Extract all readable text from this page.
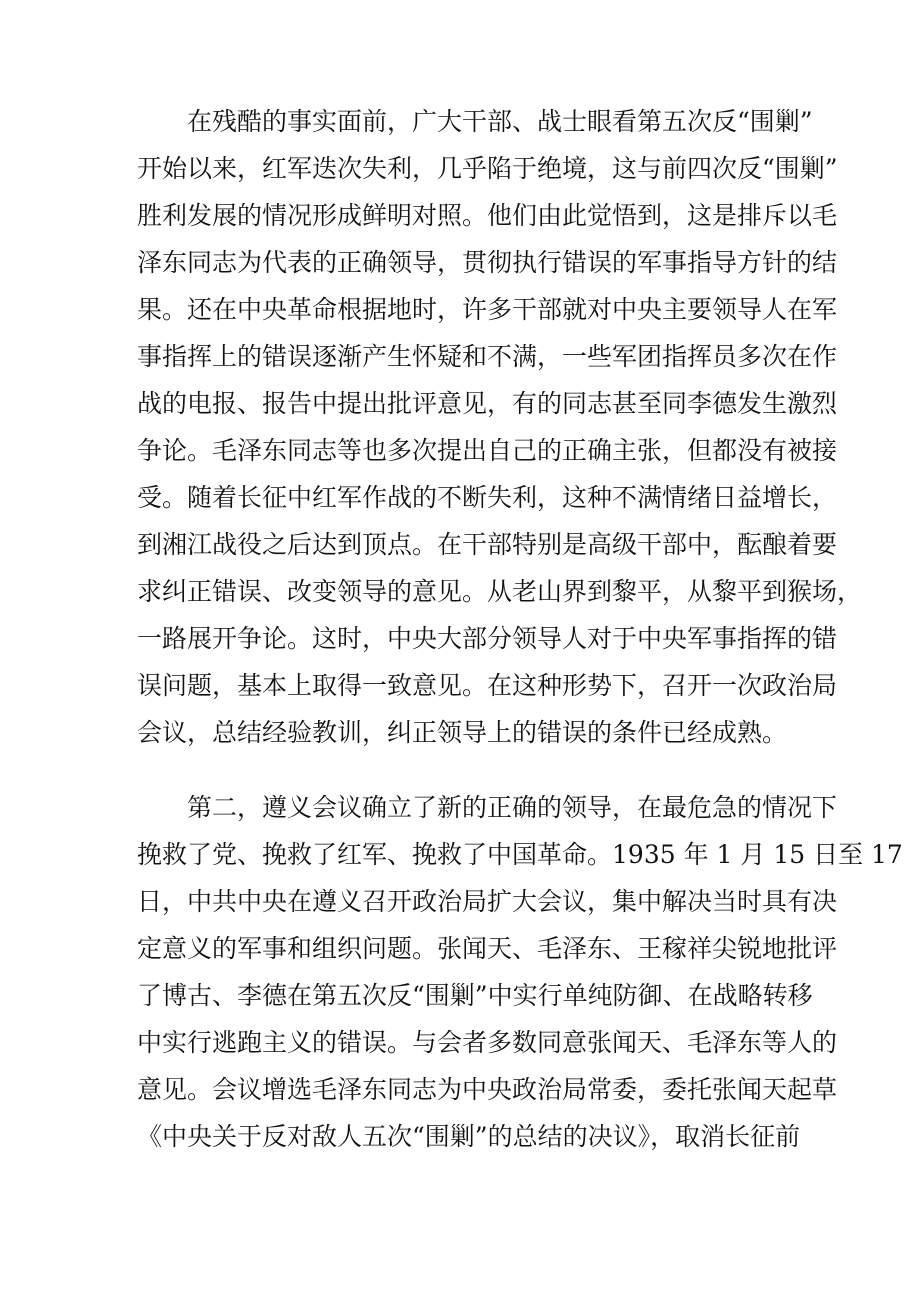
　　在残酷的事实面前，广大干部、战士眼看第五次反“围剿”
开始以来，红军迭次失利，几乎陷于绝境，这与前四次反“围剿”
胜利发展的情况形成鲜明对照。他们由此觉悟到，这是排斥以毛
泽东同志为代表的正确领导，贯彻执行错误的军事指导方针的结
果。还在中央革命根据地时，许多干部就对中央主要领导人在军
事指挥上的错误逐渐产生怀疑和不满，一些军团指挥员多次在作
战的电报、报告中提出批评意见，有的同志甚至同李德发生激烈
争论。毛泽东同志等也多次提出自己的正确主张，但都没有被接
受。随着长征中红军作战的不断失利，这种不满情绪日益增长，
到湘江战役之后达到顶点。在干部特别是高级干部中，酝酿着要
求纠正错误、改变领导的意见。从老山界到黎平，从黎平到猴场，
一路展开争论。这时，中央大部分领导人对于中央军事指挥的错
误问题，基本上取得一致意见。在这种形势下，召开一次政治局
会议，总结经验教训，纠正领导上的错误的条件已经成熟。

　　第二，遵义会议确立了新的正确的领导，在最危急的情况下
挽救了党、挽救了红军、挽救了中国革命。1935 年 1 月 15 日至 17
日，中共中央在遵义召开政治局扩大会议，集中解决当时具有决
定意义的军事和组织问题。张闻天、毛泽东、王稼祥尖锐地批评
了博古、李德在第五次反“围剿”中实行单纯防御、在战略转移
中实行逃跑主义的错误。与会者多数同意张闻天、毛泽东等人的
意见。会议增选毛泽东同志为中央政治局常委，委托张闻天起草
《中央关于反对敌人五次“围剿”的总结的决议》，取消长征前
